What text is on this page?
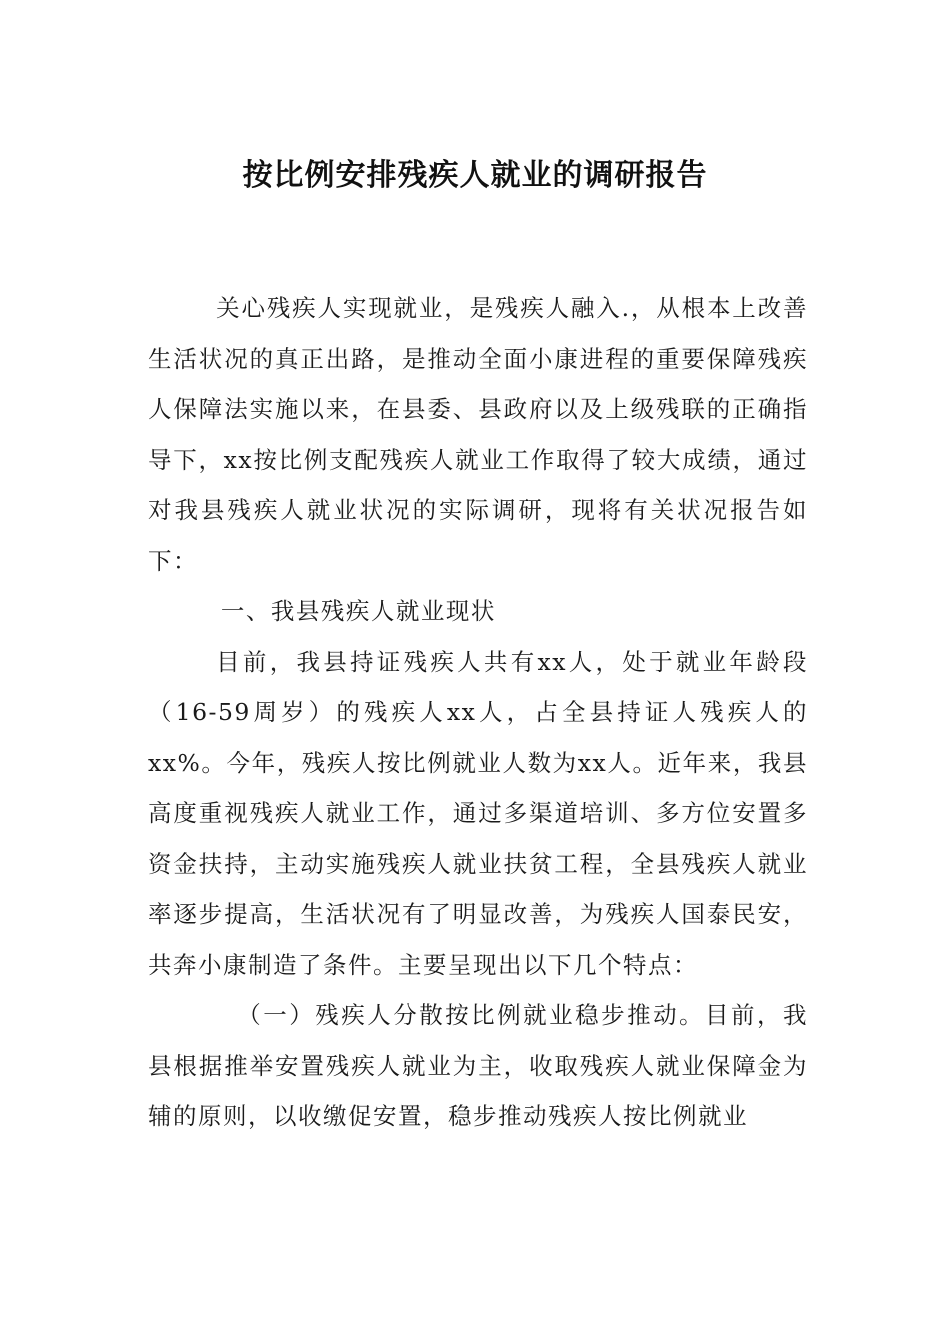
按比例安排残疾人就业的调研报告

关心残疾人实现就业，是残疾人融入.，从根本上改善生活状况的真正出路，是推动全面小康进程的重要保障残疾人保障法实施以来，在县委、县政府以及上级残联的正确指导下，xx按比例支配残疾人就业工作取得了较大成绩，通过对我县残疾人就业状况的实际调研，现将有关状况报告如下：

一、我县残疾人就业现状

目前，我县持证残疾人共有xx人，处于就业年龄段（16-59周岁）的残疾人xx人，占全县持证人残疾人的xx%。今年，残疾人按比例就业人数为xx人。近年来，我县高度重视残疾人就业工作，通过多渠道培训、多方位安置多资金扶持，主动实施残疾人就业扶贫工程，全县残疾人就业率逐步提高，生活状况有了明显改善，为残疾人国泰民安，共奔小康制造了条件。主要呈现出以下几个特点：

（一）残疾人分散按比例就业稳步推动。目前，我县根据推举安置残疾人就业为主，收取残疾人就业保障金为辅的原则，以收缴促安置，稳步推动残疾人按比例就业
